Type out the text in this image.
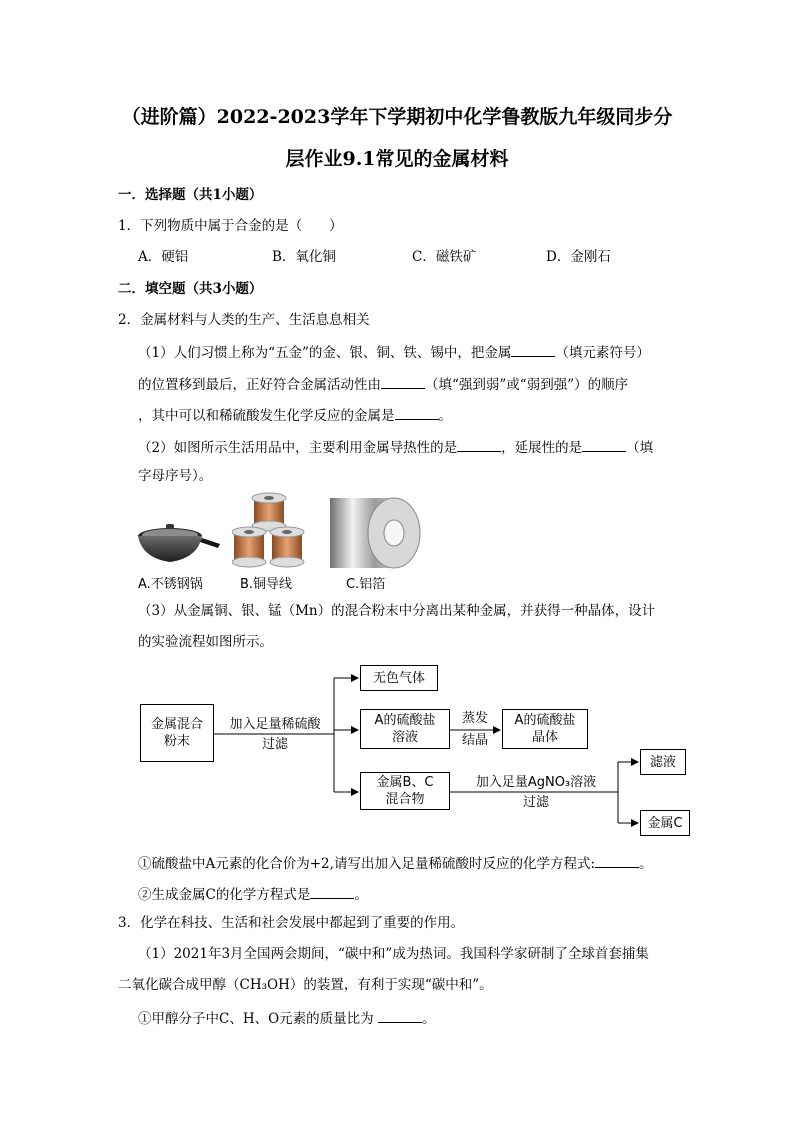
（进阶篇）2022-2023学年下学期初中化学鲁教版九年级同步分
层作业9.1常见的金属材料
一．选择题（共1小题）
1．下列物质中属于合金的是（　　）
A．硬铝	B．氧化铜	C．磁铁矿	D．金刚石
二．填空题（共3小题）
2．金属材料与人类的生产、生活息息相关
（1）人们习惯上称为“五金”的金、银、铜、铁、锡中，把金属	（填元素符号）
的位置移到最后，正好符合金属活动性由	（填“强到弱”或“弱到强”）的顺序
，其中可以和稀硫酸发生化学反应的金属是	。
（2）如图所示生活用品中，主要利用金属导热性的是	，延展性的是	（填
字母序号）。
A.不锈钢锅	B.铜导线	C.铝箔
（3）从金属铜、银、锰（Mn）的混合粉末中分离出某种金属，并获得一种晶体，设计
的实验流程如图所示。
金属混合
粉末
加入足量稀硫酸
过滤
无色气体
A的硫酸盐
溶液
蒸发
结晶
A的硫酸盐
晶体
金属B、C
混合物
加入足量AgNO₃溶液
过滤
滤液
金属C
①硫酸盐中A元素的化合价为+2,请写出加入足量稀硫酸时反应的化学方程式:	。
②生成金属C的化学方程式是	。
3．化学在科技、生活和社会发展中都起到了重要的作用。
（1）2021年3月全国两会期间，“碳中和”成为热词。我国科学家研制了全球首套捕集
二氧化碳合成甲醇（CH₃OH）的装置，有利于实现“碳中和”。
①甲醇分子中C、H、O元素的质量比为	。
